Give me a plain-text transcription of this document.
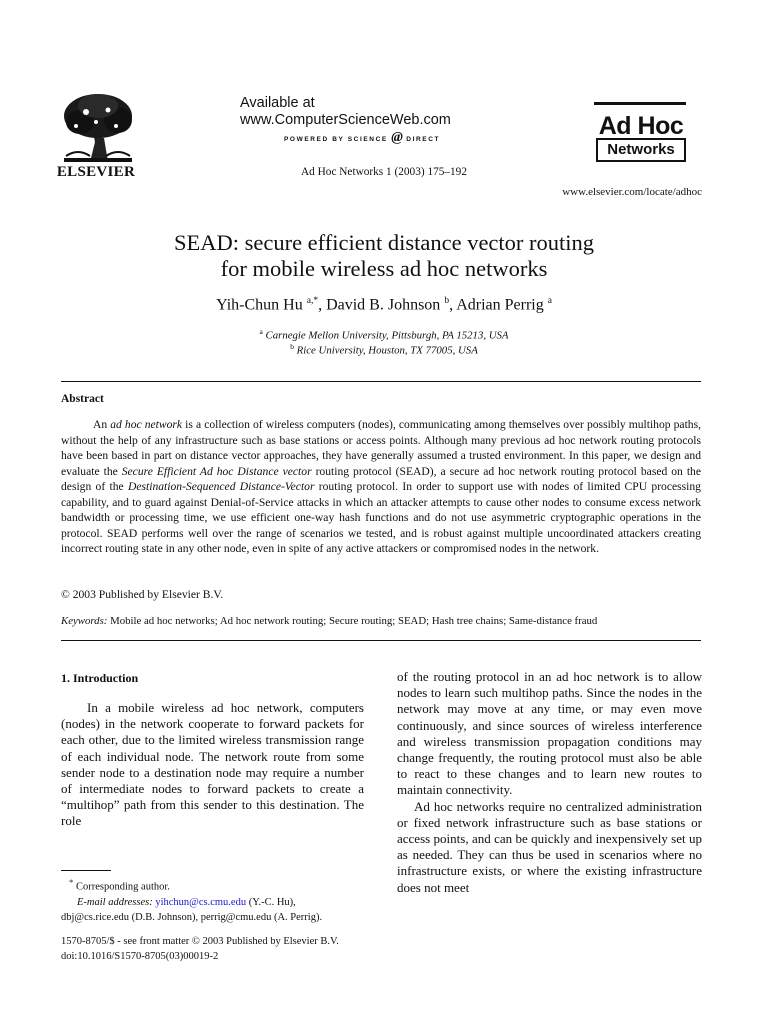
ELSEVIER
Available at
www.ComputerScienceWeb.com
POWERED BY SCIENCE @ DIRECT
Ad Hoc Networks 1 (2003) 175–192
Ad Hoc
Networks
www.elsevier.com/locate/adhoc
SEAD: secure efficient distance vector routing
for mobile wireless ad hoc networks
Yih-Chun Hu $^{a,*}$, David B. Johnson $^b$, Adrian Perrig $^a$
$^a$ Carnegie Mellon University, Pittsburgh, PA 15213, USA
$^b$ Rice University, Houston, TX 77005, USA
Abstract
An ad hoc network is a collection of wireless computers (nodes), communicating among themselves over possibly multihop paths, without the help of any infrastructure such as base stations or access points. Although many previous ad hoc network routing protocols have been based in part on distance vector approaches, they have generally assumed a trusted environment. In this paper, we design and evaluate the Secure Efficient Ad hoc Distance vector routing protocol (SEAD), a secure ad hoc network routing protocol based on the design of the Destination-Sequenced Distance-Vector routing protocol. In order to support use with nodes of limited CPU processing capability, and to guard against Denial-of-Service attacks in which an attacker attempts to cause other nodes to consume excess network bandwidth or processing time, we use efficient one-way hash functions and do not use asymmetric cryptographic operations in the protocol. SEAD performs well over the range of scenarios we tested, and is robust against multiple uncoordinated attackers creating incorrect routing state in any other node, even in spite of any active attackers or compromised nodes in the network.
© 2003 Published by Elsevier B.V.
Keywords: Mobile ad hoc networks; Ad hoc network routing; Secure routing; SEAD; Hash tree chains; Same-distance fraud
1. Introduction
In a mobile wireless ad hoc network, computers (nodes) in the network cooperate to forward packets for each other, due to the limited wireless transmission range of each individual node. The network route from some sender node to a destination node may require a number of intermediate nodes to forward packets to create a “multihop” path from this sender to this destination. The role

of the routing protocol in an ad hoc network is to allow nodes to learn such multihop paths. Since the nodes in the network may move at any time, or may even move continuously, and since sources of wireless interference and wireless transmission propagation conditions may change frequently, the routing protocol must also be able to react to these changes and to learn new routes to maintain connectivity.

Ad hoc networks require no centralized administration or fixed network infrastructure such as base stations or access points, and can be quickly and inexpensively set up as needed. They can thus be used in scenarios where no infrastructure exists, or where the existing infrastructure does not meet

* Corresponding author.
E-mail addresses: yihchun@cs.cmu.edu (Y.-C. Hu), dbj@cs.rice.edu (D.B. Johnson), perrig@cmu.edu (A. Perrig).
1570-8705/$ - see front matter © 2003 Published by Elsevier B.V.
doi:10.1016/S1570-8705(03)00019-2
